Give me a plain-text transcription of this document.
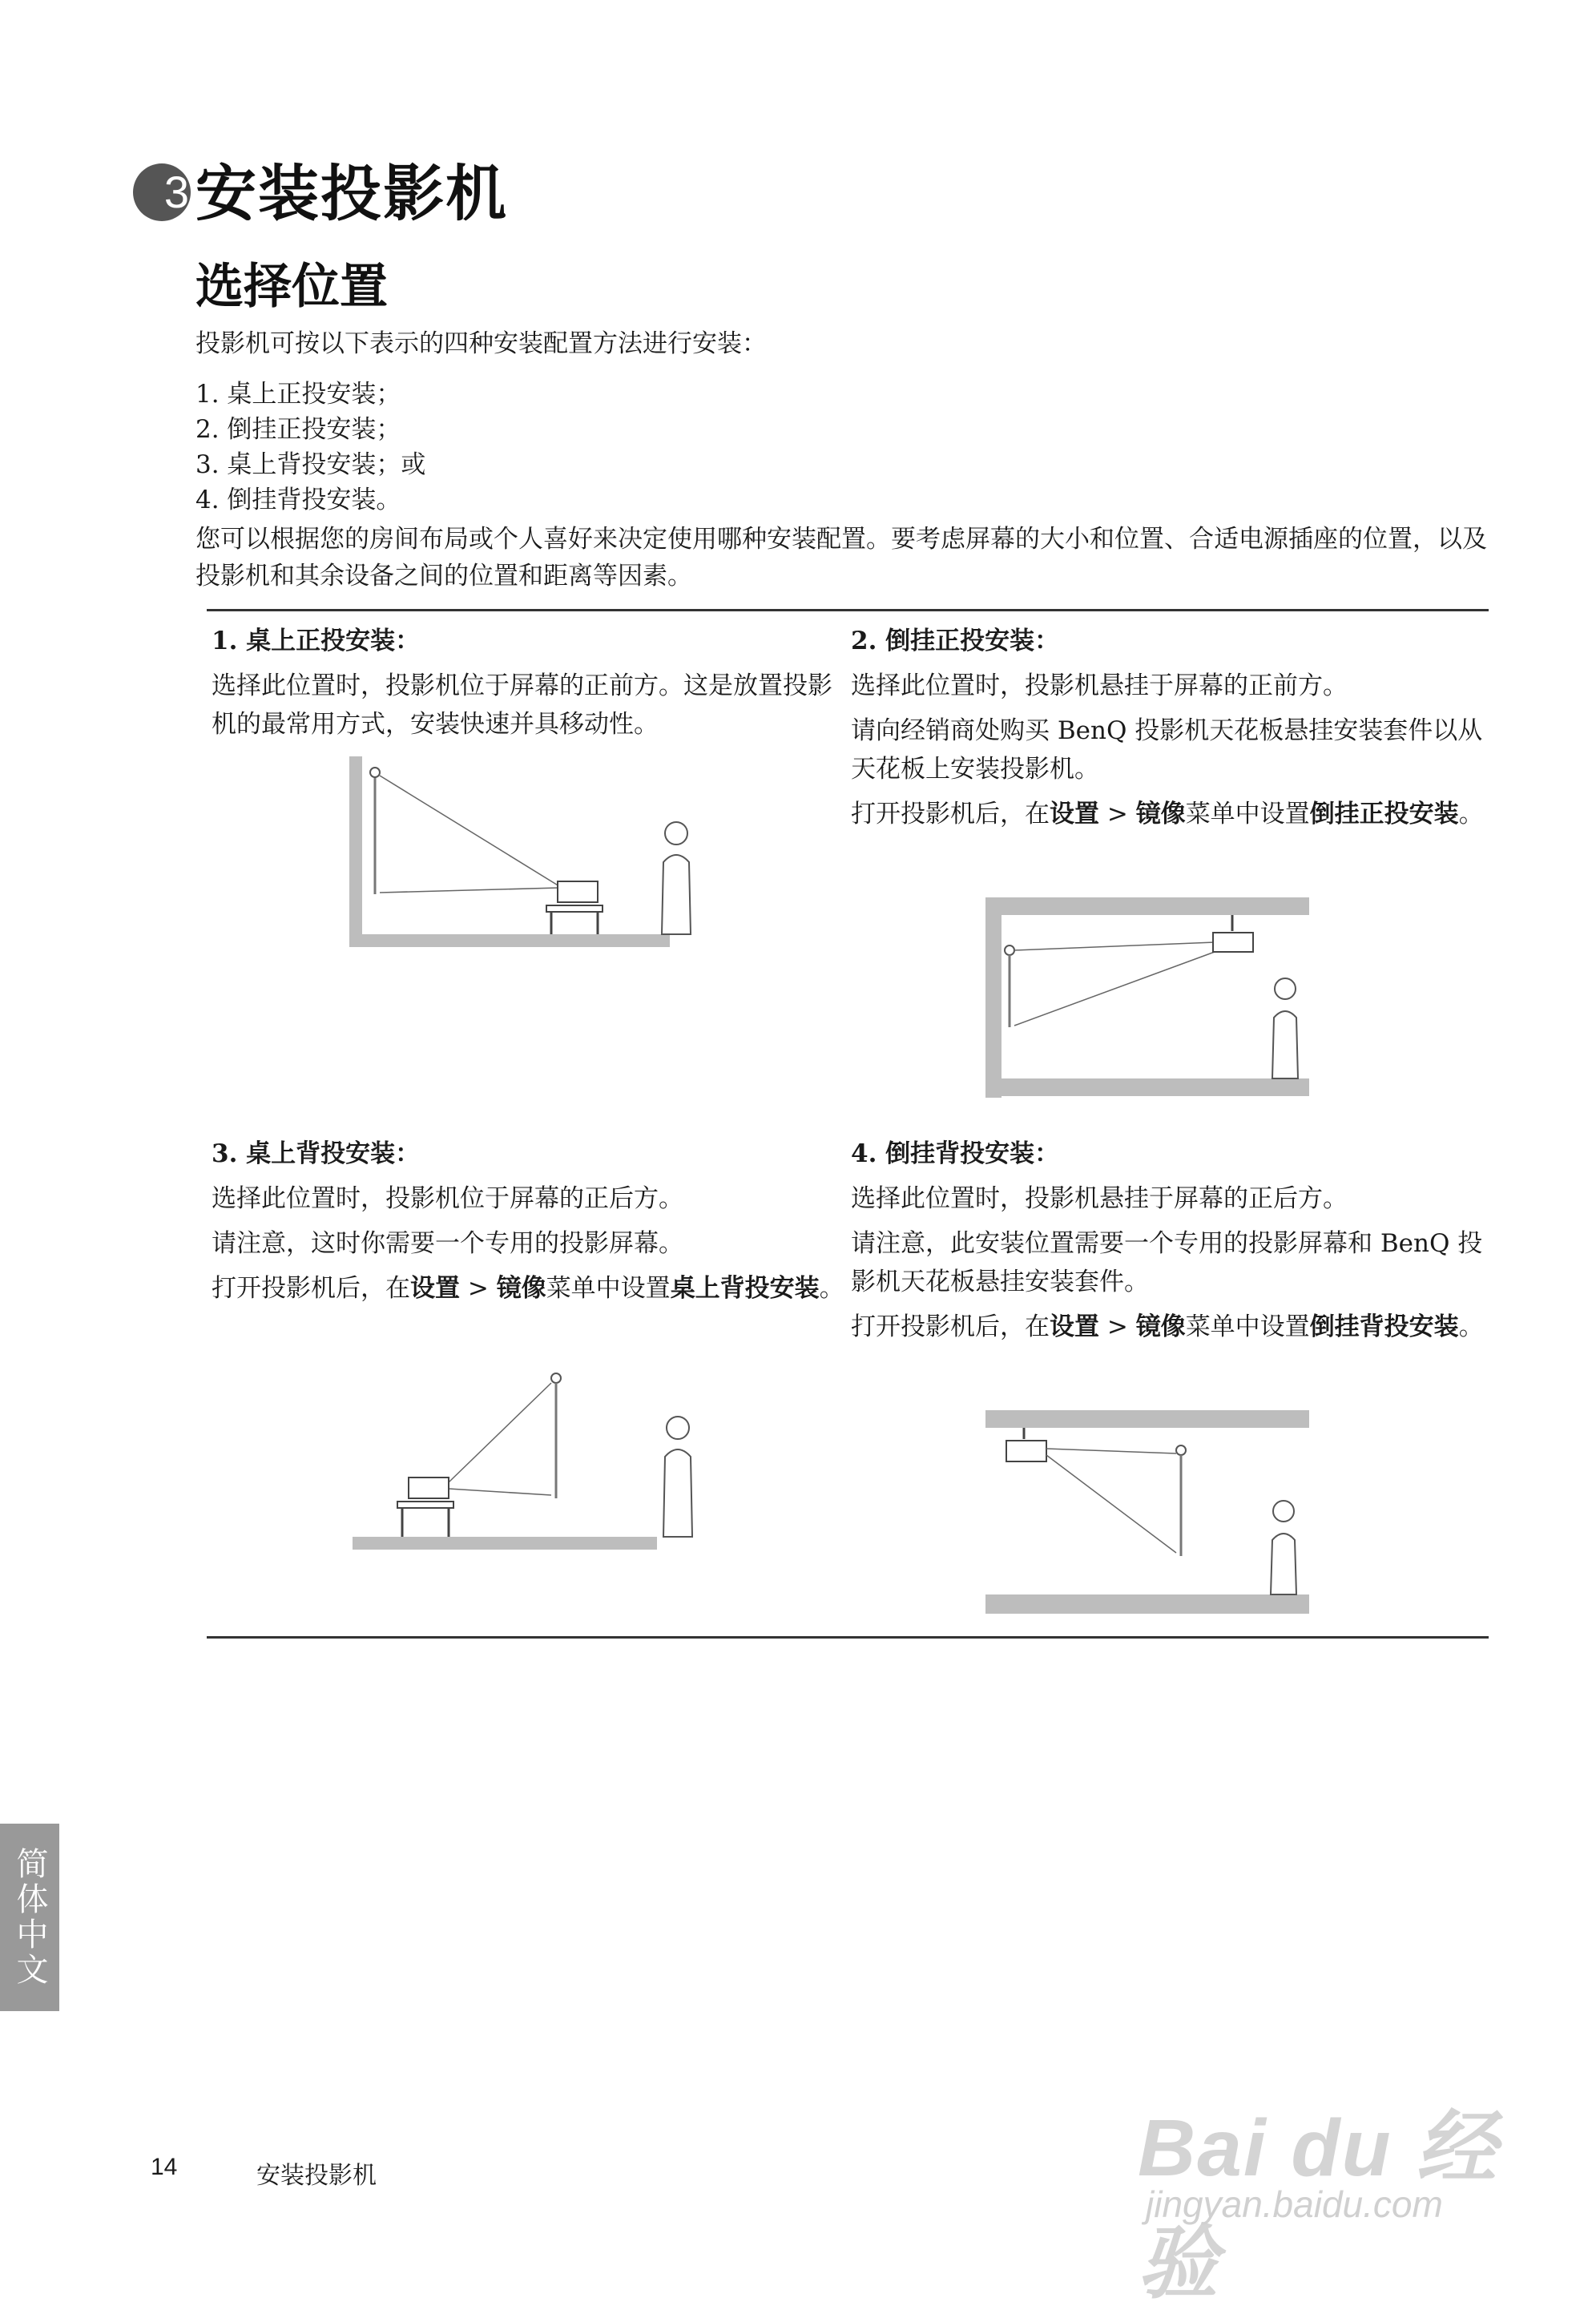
3 安装投影机
选择位置
投影机可按以下表示的四种安装配置方法进行安装：
1. 桌上正投安装；
2. 倒挂正投安装；
3. 桌上背投安装；或
4. 倒挂背投安装。
您可以根据您的房间布局或个人喜好来决定使用哪种安装配置。要考虑屏幕的大小和位置、合适电源插座的位置，以及投影机和其余设备之间的位置和距离等因素。

1. 桌上正投安装：

选择此位置时，投影机位于屏幕的正前方。这是放置投影机的最常用方式，安装快速并具移动性。

2. 倒挂正投安装：

选择此位置时，投影机悬挂于屏幕的正前方。

请向经销商处购买 BenQ 投影机天花板悬挂安装套件以从天花板上安装投影机。

打开投影机后，在设置 > 镜像菜单中设置倒挂正投安装。

3. 桌上背投安装：

选择此位置时，投影机位于屏幕的正后方。

请注意，这时你需要一个专用的投影屏幕。

打开投影机后，在设置 > 镜像菜单中设置桌上背投安装。

4. 倒挂背投安装：

选择此位置时，投影机悬挂于屏幕的正后方。

请注意，此安装位置需要一个专用的投影屏幕和 BenQ 投影机天花板悬挂安装套件。

打开投影机后，在设置 > 镜像菜单中设置倒挂背投安装。

简体中文
14	安装投影机	Bai du 经验
jingyan.baidu.com
